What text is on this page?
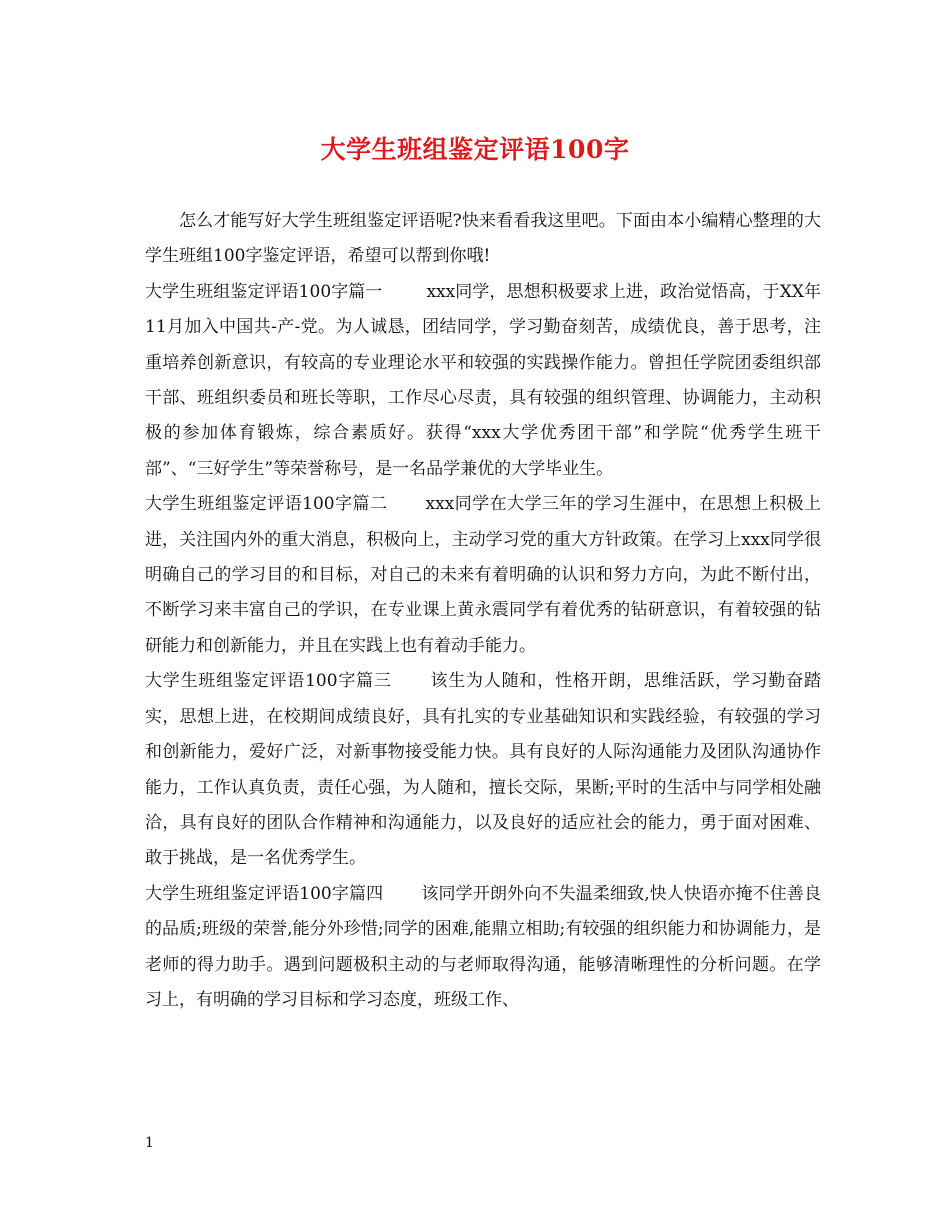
大学生班组鉴定评语100字

怎么才能写好大学生班组鉴定评语呢?快来看看我这里吧。下面由本小编精心整理的大学生班组100字鉴定评语，希望可以帮到你哦!

大学生班组鉴定评语100字篇一	xxx同学，思想积极要求上进，政治觉悟高，于XX年11月加入中国共-产-党。为人诚恳，团结同学，学习勤奋刻苦，成绩优良，善于思考，注重培养创新意识，有较高的专业理论水平和较强的实践操作能力。曾担任学院团委组织部干部、班组织委员和班长等职，工作尽心尽责，具有较强的组织管理、协调能力，主动积极的参加体育锻炼，综合素质好。获得“xxx大学优秀团干部”和学院“优秀学生班干部”、“三好学生”等荣誉称号，是一名品学兼优的大学毕业生。

大学生班组鉴定评语100字篇二 xxx同学在大学三年的学习生涯中，在思想上积极上进，关注国内外的重大消息，积极向上，主动学习党的重大方针政策。在学习上xxx同学很明确自己的学习目的和目标，对自己的未来有着明确的认识和努力方向，为此不断付出，不断学习来丰富自己的学识，在专业课上黄永震同学有着优秀的钻研意识，有着较强的钻研能力和创新能力，并且在实践上也有着动手能力。

大学生班组鉴定评语100字篇三 该生为人随和，性格开朗，思维活跃，学习勤奋踏实，思想上进，在校期间成绩良好，具有扎实的专业基础知识和实践经验，有较强的学习和创新能力，爱好广泛，对新事物接受能力快。具有良好的人际沟通能力及团队沟通协作能力，工作认真负责，责任心强，为人随和，擅长交际，果断;平时的生活中与同学相处融洽，具有良好的团队合作精神和沟通能力，以及良好的适应社会的能力，勇于面对困难、敢于挑战，是一名优秀学生。

大学生班组鉴定评语100字篇四 该同学开朗外向不失温柔细致,快人快语亦掩不住善良的品质;班级的荣誉,能分外珍惜;同学的困难,能鼎立相助;有较强的组织能力和协调能力，是老师的得力助手。遇到问题极积主动的与老师取得沟通，能够清晰理性的分析问题。在学习上，有明确的学习目标和学习态度，班级工作、

1
